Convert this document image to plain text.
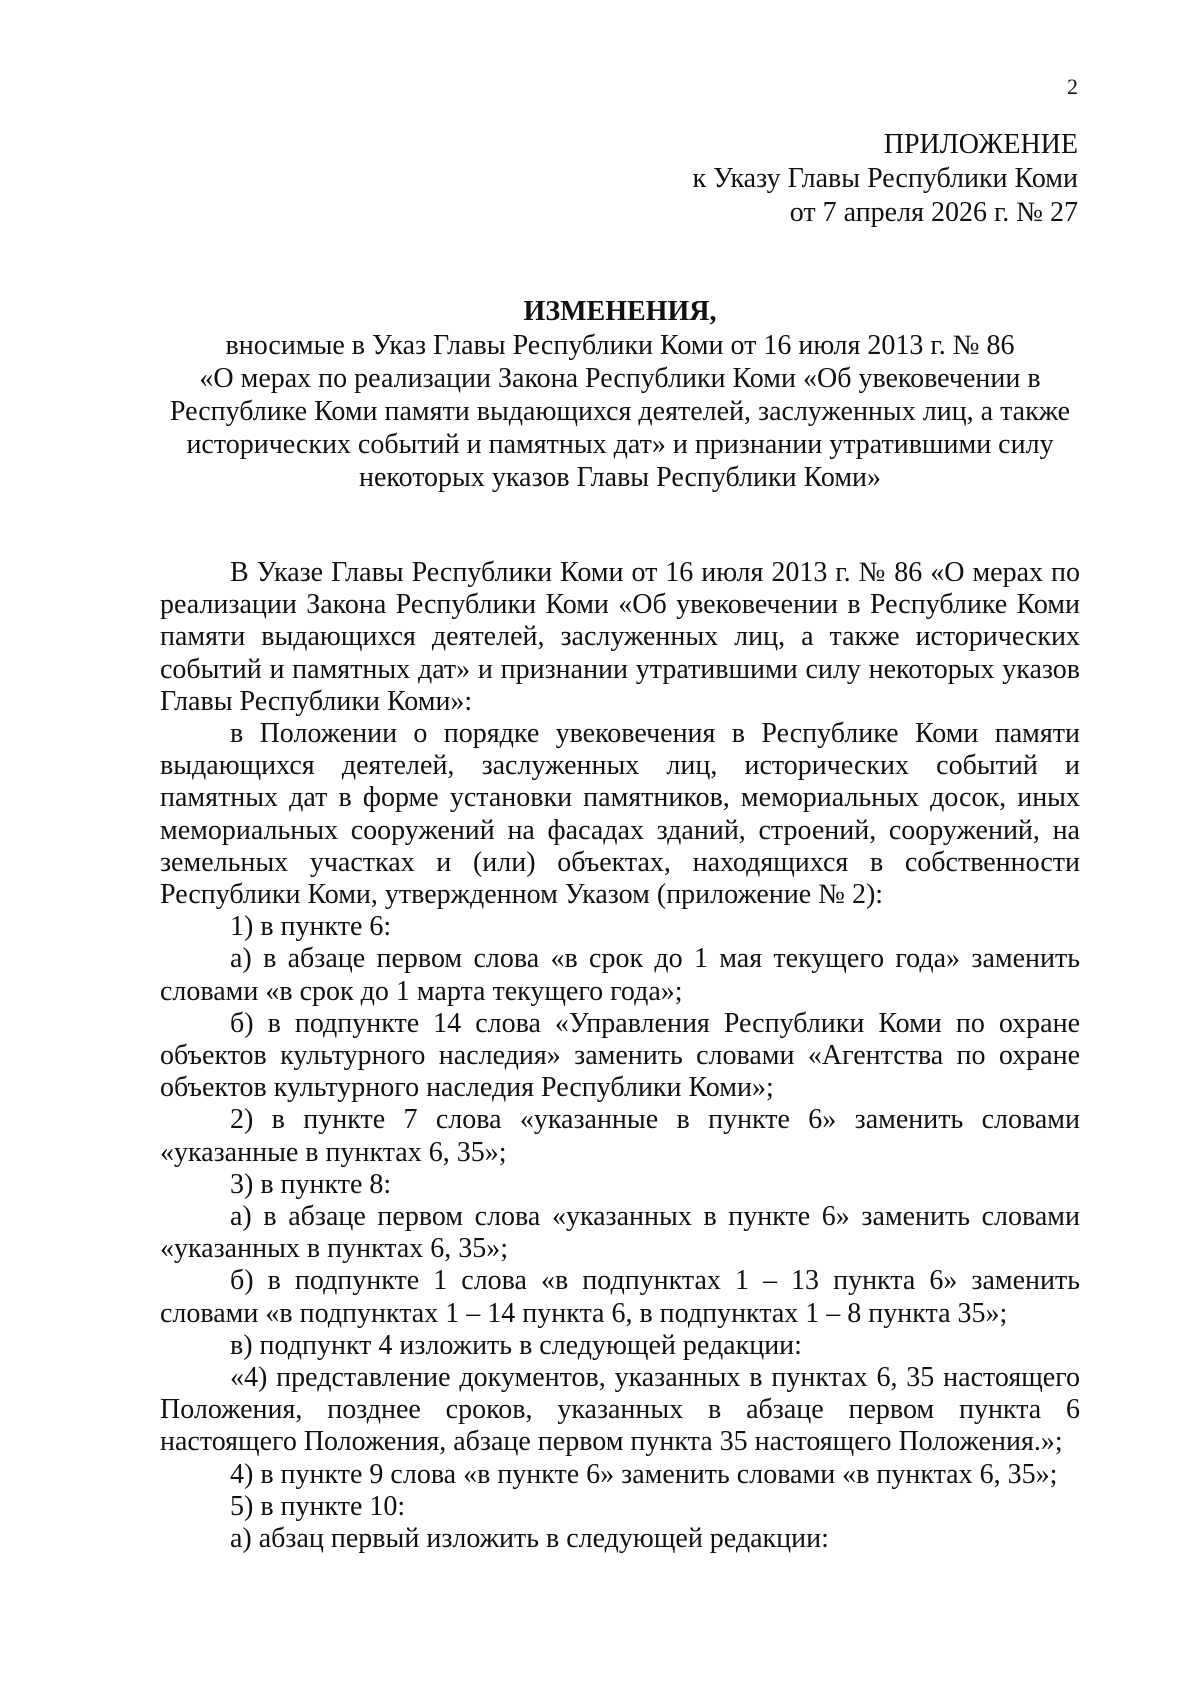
2
ПРИЛОЖЕНИЕ
к Указу Главы Республики Коми
от 7 апреля 2026 г. № 27
ИЗМЕНЕНИЯ,
вносимые в Указ Главы Республики Коми от 16 июля 2013 г. № 86
«О мерах по реализации Закона Республики Коми «Об увековечении в
Республике Коми памяти выдающихся деятелей, заслуженных лиц, а также
исторических событий и памятных дат» и признании утратившими силу
некоторых указов Главы Республики Коми»

В Указе Главы Республики Коми от 16 июля 2013 г. № 86 «О мерах по реализации Закона Республики Коми «Об увековечении в Республике Коми памяти выдающихся деятелей, заслуженных лиц, а также исторических событий и памятных дат» и признании утратившими силу некоторых указов Главы Республики Коми»:

в Положении о порядке увековечения в Республике Коми памяти выдающихся деятелей, заслуженных лиц, исторических событий и памятных дат в форме установки памятников, мемориальных досок, иных мемориальных сооружений на фасадах зданий, строений, сооружений, на земельных участках и (или) объектах, находящихся в собственности Республики Коми, утвержденном Указом (приложение № 2):

1) в пункте 6:

а) в абзаце первом слова «в срок до 1 мая текущего года» заменить словами «в срок до 1 марта текущего года»;

б) в подпункте 14 слова «Управления Республики Коми по охране объектов культурного наследия» заменить словами «Агентства по охране объектов культурного наследия Республики Коми»;

2) в пункте 7 слова «указанные в пункте 6» заменить словами «указанные в пунктах 6, 35»;

3) в пункте 8:

а) в абзаце первом слова «указанных в пункте 6» заменить словами «указанных в пунктах 6, 35»;

б) в подпункте 1 слова «в подпунктах 1 – 13 пункта 6» заменить словами «в подпунктах 1 – 14 пункта 6, в подпунктах 1 – 8 пункта 35»;

в) подпункт 4 изложить в следующей редакции:

«4) представление документов, указанных в пунктах 6, 35 настоящего Положения, позднее сроков, указанных в абзаце первом пункта 6 настоящего Положения, абзаце первом пункта 35 настоящего Положения.»;

4) в пункте 9 слова «в пункте 6» заменить словами «в пунктах 6, 35»;

5) в пункте 10:

а) абзац первый изложить в следующей редакции:
